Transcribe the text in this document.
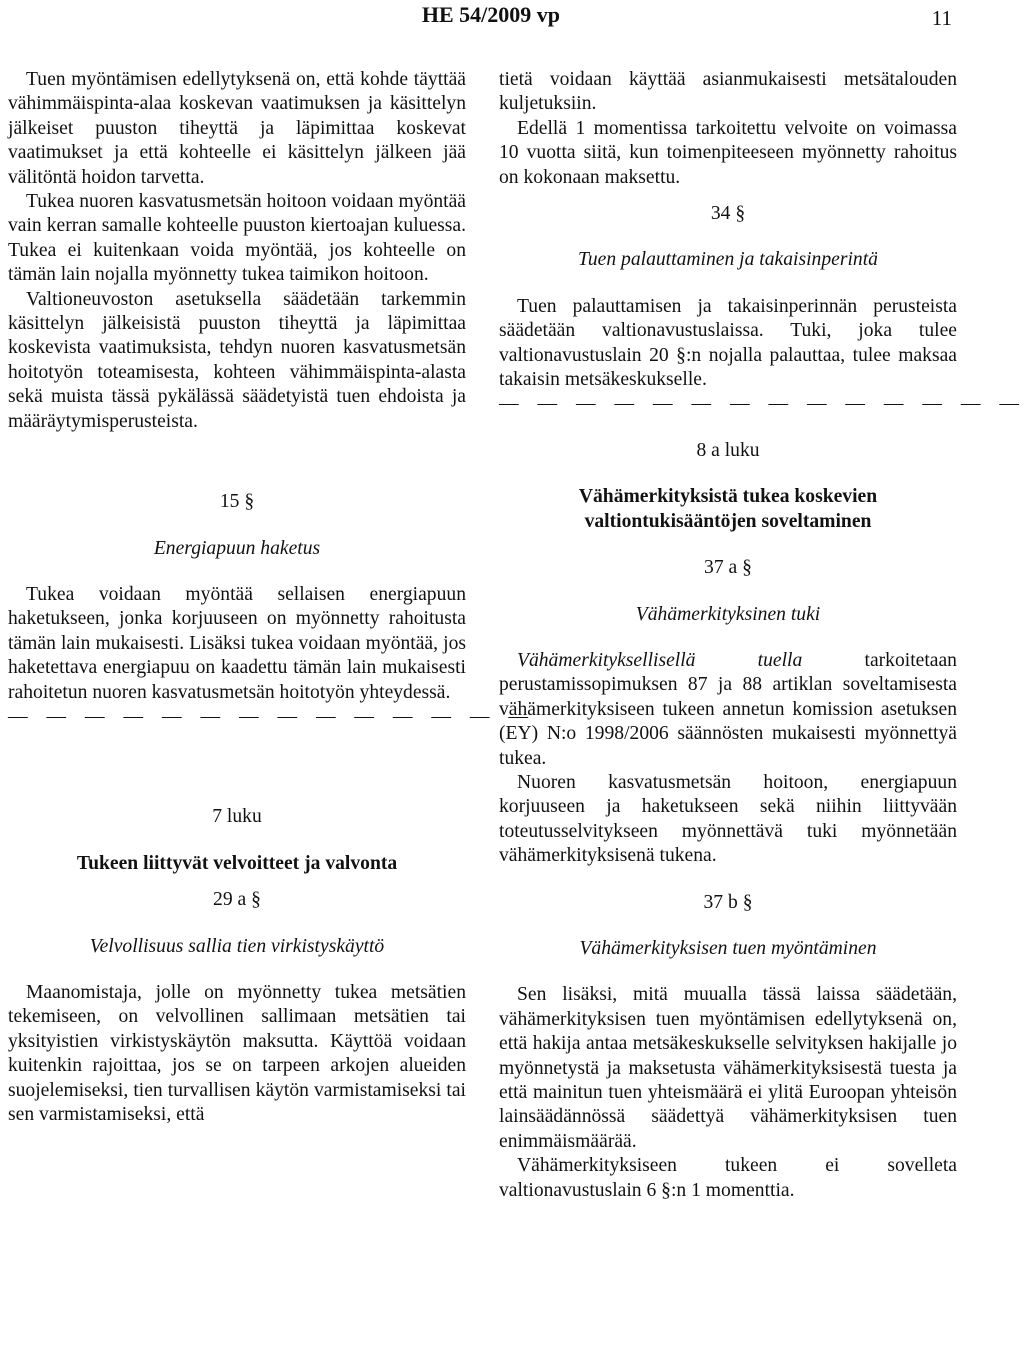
HE 54/2009 vp	11

Tuen myöntämisen edellytyksenä on, että kohde täyttää vähimmäispinta-alaa koskevan vaatimuksen ja käsittelyn jälkeiset puuston tiheyttä ja läpimittaa koskevat vaatimukset ja että kohteelle ei käsittelyn jälkeen jää välitöntä hoidon tarvetta.

Tukea nuoren kasvatusmetsän hoitoon voidaan myöntää vain kerran samalle kohteelle puuston kiertoajan kuluessa. Tukea ei kuitenkaan voida myöntää, jos kohteelle on tämän lain nojalla myönnetty tukea taimikon hoitoon.

Valtioneuvoston asetuksella säädetään tarkemmin käsittelyn jälkeisistä puuston tiheyttä ja läpimittaa koskevista vaatimuksista, tehdyn nuoren kasvatusmetsän hoitotyön toteamisesta, kohteen vähimmäispinta-alasta sekä muista tässä pykälässä säädetyistä tuen ehdoista ja määräytymisperusteista.

15 §

Energiapuun haketus

Tukea voidaan myöntää sellaisen energiapuun haketukseen, jonka korjuuseen on myönnetty rahoitusta tämän lain mukaisesti. Lisäksi tukea voidaan myöntää, jos haketettava energiapuu on kaadettu tämän lain mukaisesti rahoitetun nuoren kasvatusmetsän hoitotyön yhteydessä.

— — — — — — — — — — — — — —

7 luku

Tukeen liittyvät velvoitteet ja valvonta

29 a §

Velvollisuus sallia tien virkistyskäyttö

Maanomistaja, jolle on myönnetty tukea metsätien tekemiseen, on velvollinen sallimaan metsätien tai yksityistien virkistyskäytön maksutta. Käyttöä voidaan kuitenkin rajoittaa, jos se on tarpeen arkojen alueiden suojelemiseksi, tien turvallisen käytön varmistamiseksi tai sen varmistamiseksi, että

tietä voidaan käyttää asianmukaisesti metsätalouden kuljetuksiin.

Edellä 1 momentissa tarkoitettu velvoite on voimassa 10 vuotta siitä, kun toimenpiteeseen myönnetty rahoitus on kokonaan maksettu.

34 §

Tuen palauttaminen ja takaisinperintä

Tuen palauttamisen ja takaisinperinnän perusteista säädetään valtionavustuslaissa. Tuki, joka tulee valtionavustuslain 20 §:n nojalla palauttaa, tulee maksaa takaisin metsäkeskukselle.

— — — — — — — — — — — — — —

8 a luku

Vähämerkityksistä tukea koskevien valtiontukisääntöjen soveltaminen

37 a §

Vähämerkityksinen tuki

Vähämerkityksellisellä tuella tarkoitetaan perustamissopimuksen 87 ja 88 artiklan soveltamisesta vähämerkityksiseen tukeen annetun komission asetuksen (EY) N:o 1998/2006 säännösten mukaisesti myönnettyä tukea.

Nuoren kasvatusmetsän hoitoon, energiapuun korjuuseen ja haketukseen sekä niihin liittyvään toteutusselvitykseen myönnettävä tuki myönnetään vähämerkityksisenä tukena.

37 b §

Vähämerkityksisen tuen myöntäminen

Sen lisäksi, mitä muualla tässä laissa säädetään, vähämerkityksisen tuen myöntämisen edellytyksenä on, että hakija antaa metsäkeskukselle selvityksen hakijalle jo myönnetystä ja maksetusta vähämerkityksisestä tuesta ja että mainitun tuen yhteismäärä ei ylitä Euroopan yhteisön lainsäädännössä säädettyä vähämerkityksisen tuen enimmäismäärää.

Vähämerkityksiseen tukeen ei sovelleta valtionavustuslain 6 §:n 1 momenttia.
